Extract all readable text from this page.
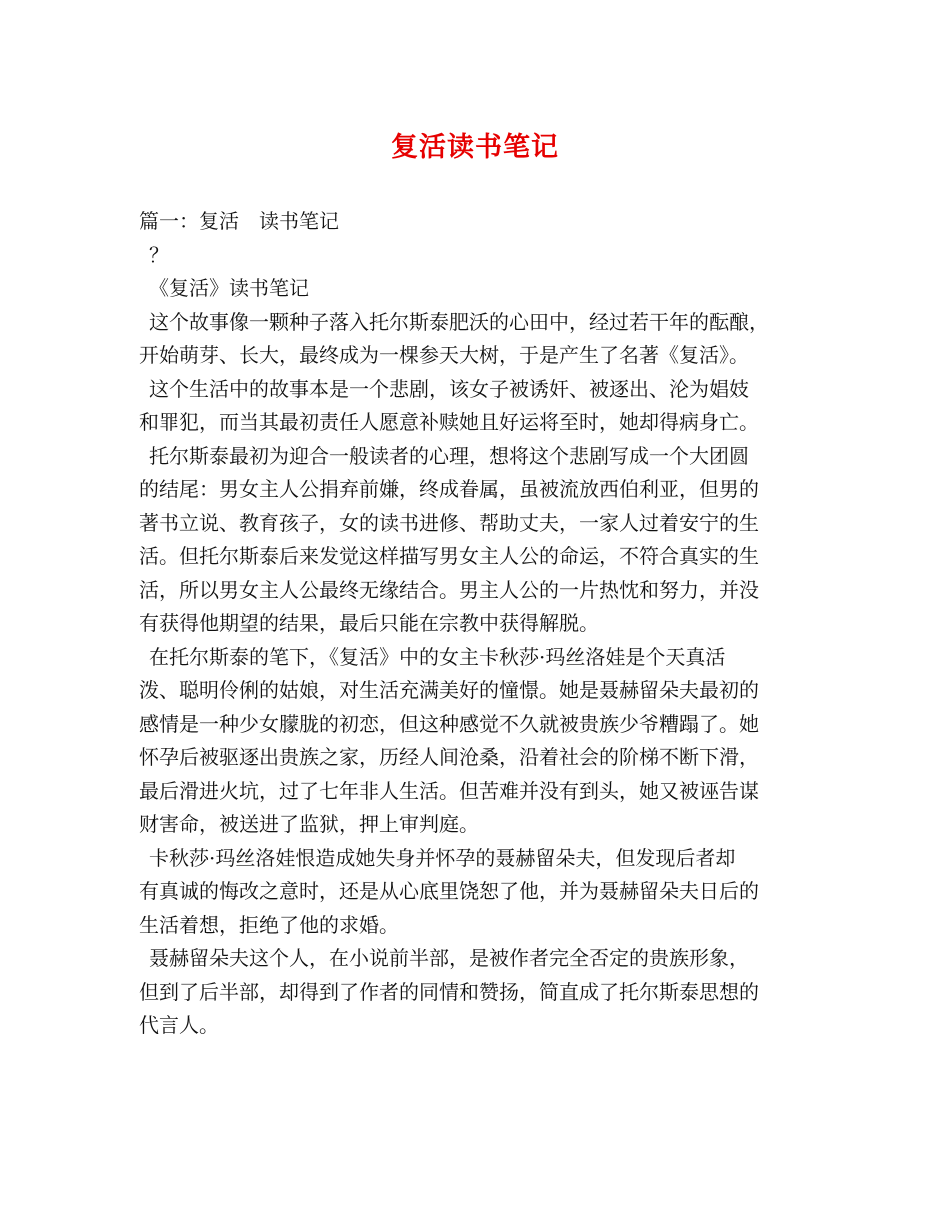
复活读书笔记
篇一：复活　读书笔记
？
《复活》读书笔记
这个故事像一颗种子落入托尔斯泰肥沃的心田中，经过若干年的酝酿，
开始萌芽、长大，最终成为一棵参天大树，于是产生了名著《复活》。
这个生活中的故事本是一个悲剧，该女子被诱奸、被逐出、沦为娼妓
和罪犯，而当其最初责任人愿意补赎她且好运将至时，她却得病身亡。
托尔斯泰最初为迎合一般读者的心理，想将这个悲剧写成一个大团圆
的结尾：男女主人公捐弃前嫌，终成眷属，虽被流放西伯利亚，但男的
著书立说、教育孩子，女的读书进修、帮助丈夫，一家人过着安宁的生
活。但托尔斯泰后来发觉这样描写男女主人公的命运，不符合真实的生
活，所以男女主人公最终无缘结合。男主人公的一片热忱和努力，并没
有获得他期望的结果，最后只能在宗教中获得解脱。
在托尔斯泰的笔下，《复活》中的女主卡秋莎·玛丝洛娃是个天真活
泼、聪明伶俐的姑娘，对生活充满美好的憧憬。她是聂赫留朵夫最初的
感情是一种少女朦胧的初恋，但这种感觉不久就被贵族少爷糟蹋了。她
怀孕后被驱逐出贵族之家，历经人间沧桑，沿着社会的阶梯不断下滑，
最后滑进火坑，过了七年非人生活。但苦难并没有到头，她又被诬告谋
财害命，被送进了监狱，押上审判庭。
卡秋莎·玛丝洛娃恨造成她失身并怀孕的聂赫留朵夫，但发现后者却
有真诚的悔改之意时，还是从心底里饶恕了他，并为聂赫留朵夫日后的
生活着想，拒绝了他的求婚。
聂赫留朵夫这个人，在小说前半部，是被作者完全否定的贵族形象，
但到了后半部，却得到了作者的同情和赞扬，简直成了托尔斯泰思想的
代言人。
